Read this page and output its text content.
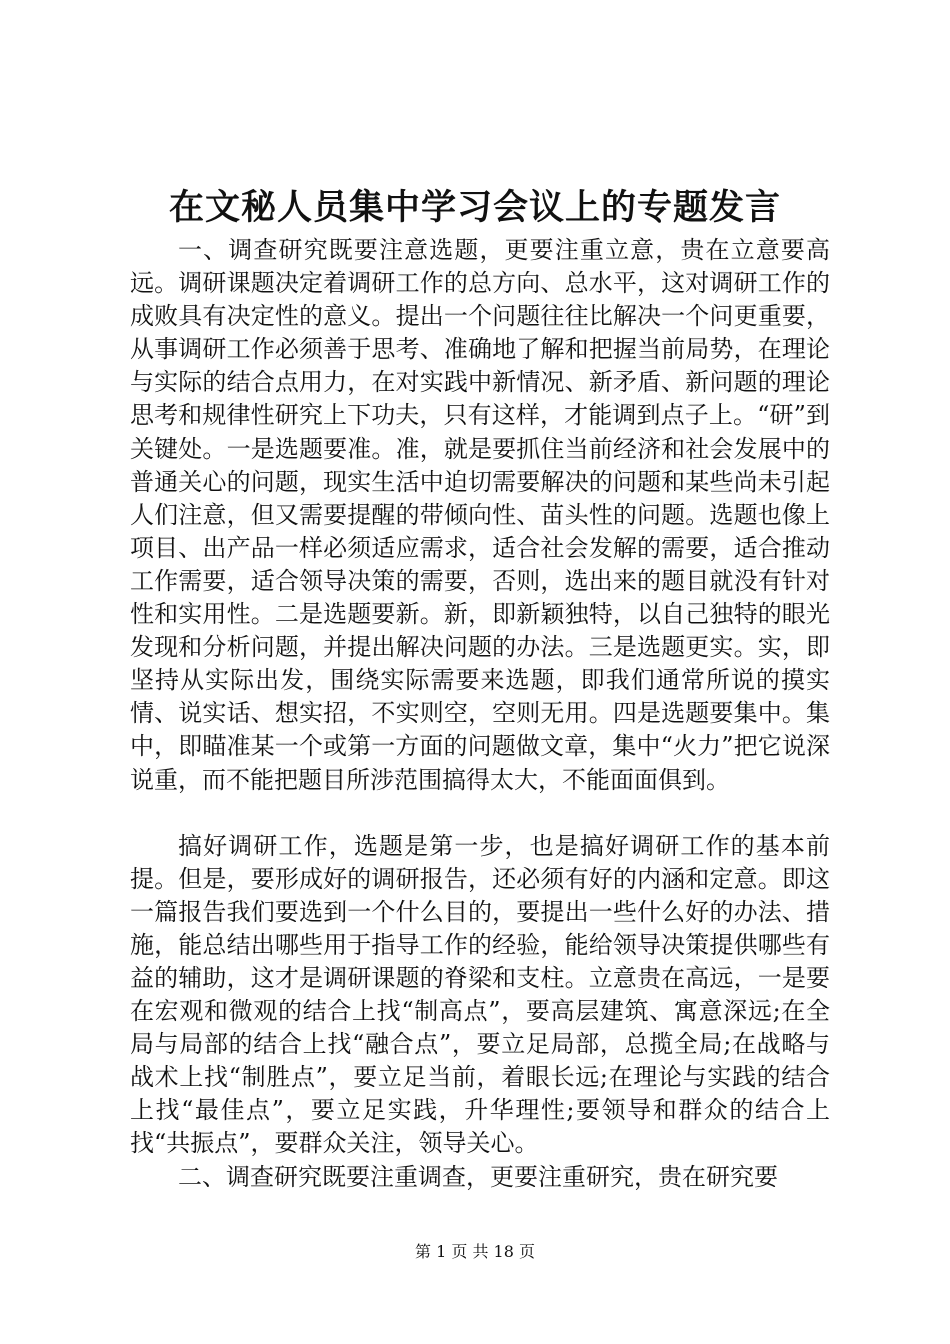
在文秘人员集中学习会议上的专题发言

一、调查研究既要注意选题，更要注重立意，贵在立意要高远。调研课题决定着调研工作的总方向、总水平，这对调研工作的成败具有决定性的意义。提出一个问题往往比解决一个问更重要，从事调研工作必须善于思考、准确地了解和把握当前局势，在理论与实际的结合点用力，在对实践中新情况、新矛盾、新问题的理论思考和规律性研究上下功夫，只有这样，才能调到点子上。“研”到关键处。一是选题要准。准，就是要抓住当前经济和社会发展中的普通关心的问题，现实生活中迫切需要解决的问题和某些尚未引起人们注意，但又需要提醒的带倾向性、苗头性的问题。选题也像上项目、出产品一样必须适应需求，适合社会发解的需要，适合推动工作需要，适合领导决策的需要，否则，选出来的题目就没有针对性和实用性。二是选题要新。新，即新颖独特，以自己独特的眼光发现和分析问题，并提出解决问题的办法。三是选题更实。实，即坚持从实际出发，围绕实际需要来选题，即我们通常所说的摸实情、说实话、想实招，不实则空，空则无用。四是选题要集中。集中，即瞄准某一个或第一方面的问题做文章，集中“火力”把它说深说重，而不能把题目所涉范围搞得太大，不能面面俱到。

搞好调研工作，选题是第一步，也是搞好调研工作的基本前提。但是，要形成好的调研报告，还必须有好的内涵和定意。即这一篇报告我们要选到一个什么目的，要提出一些什么好的办法、措施，能总结出哪些用于指导工作的经验，能给领导决策提供哪些有益的辅助，这才是调研课题的脊梁和支柱。立意贵在高远，一是要在宏观和微观的结合上找“制高点”，要高层建筑、寓意深远;在全局与局部的结合上找“融合点”，要立足局部，总揽全局;在战略与战术上找“制胜点”，要立足当前，着眼长远;在理论与实践的结合上找“最佳点”，要立足实践，升华理性;要领导和群众的结合上找“共振点”，要群众关注，领导关心。

二、调查研究既要注重调查，更要注重研究，贵在研究要

第 1 页 共 18 页
